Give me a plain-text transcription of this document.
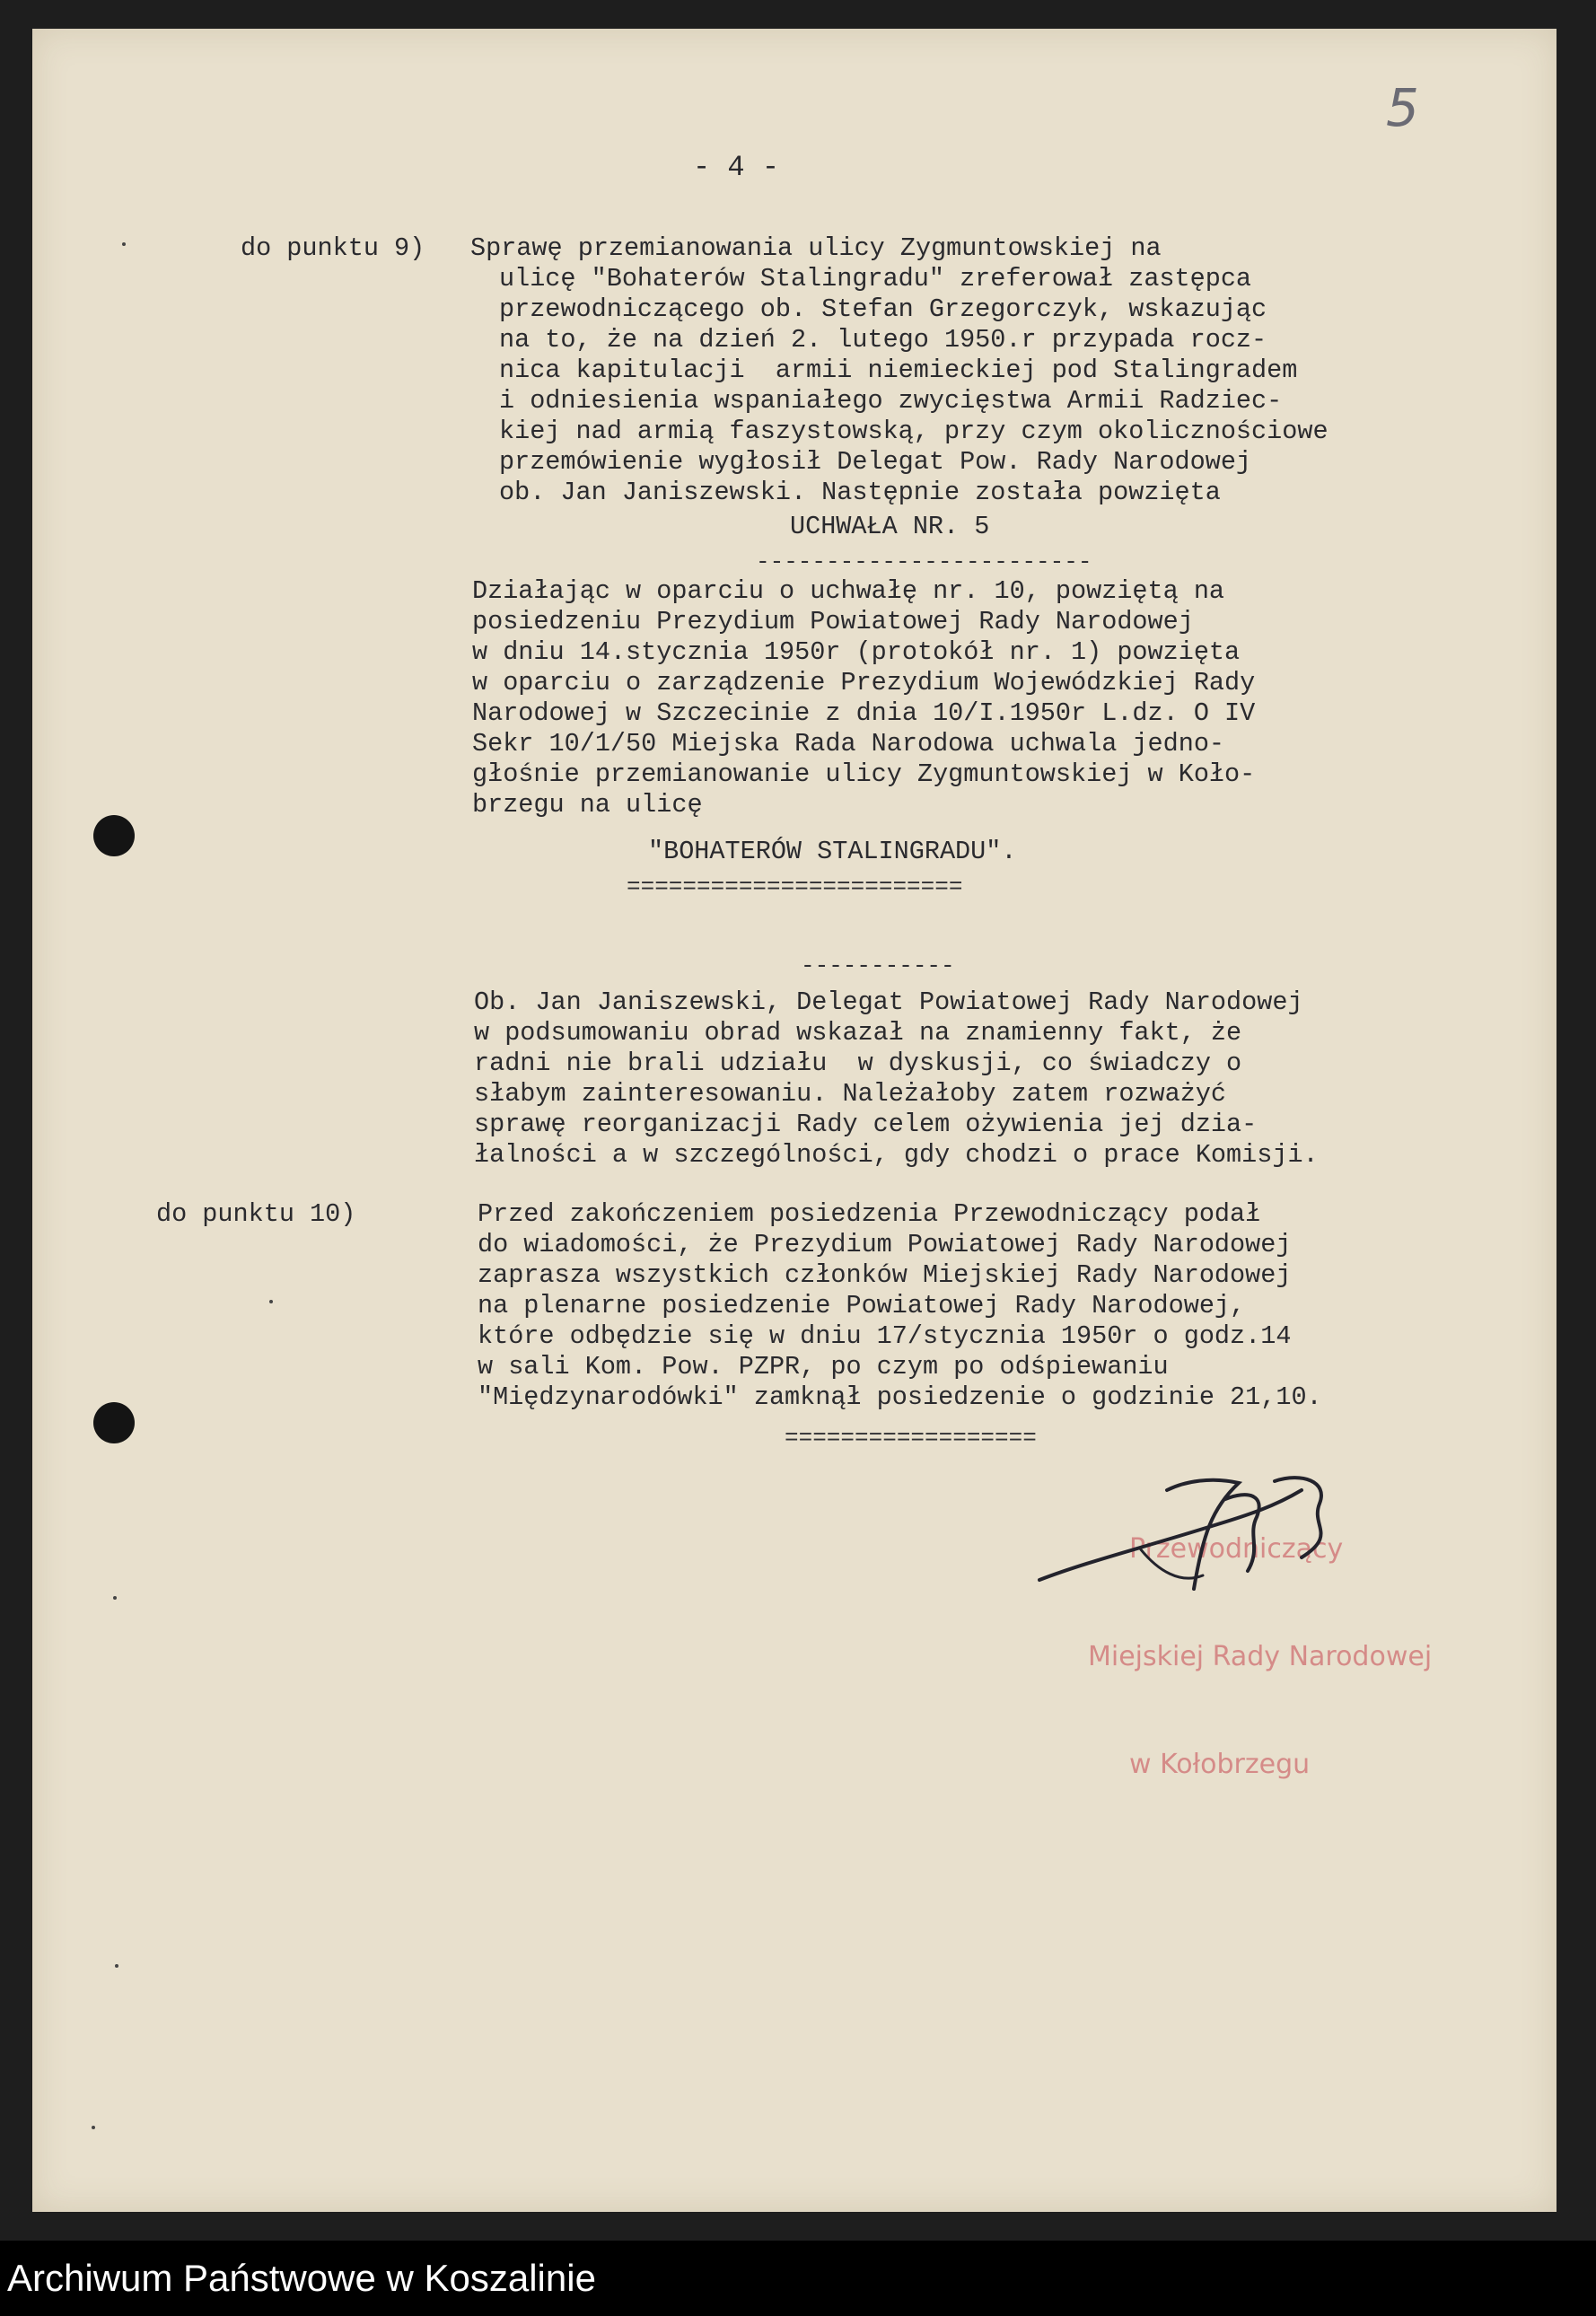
5

- 4 -

do punktu 9) Sprawę przemianowania ulicy Zygmuntowskiej na

ulicę "Bohaterów Stalingradu" zreferował zastępca

przewodniczącego ob. Stefan Grzegorczyk, wskazując

na to, że na dzień 2. lutego 1950.r przypada rocz-

nica kapitulacji  armii niemieckiej pod Stalingradem

i odniesienia wspaniałego zwycięstwa Armii Radziec-

kiej nad armią faszystowską, przy czym okolicznościowe

przemówienie wygłosił Delegat Pow. Rady Narodowej

ob. Jan Janiszewski. Następnie została powzięta

UCHWAŁA NR. 5

------------------------

Działając w oparciu o uchwałę nr. 10, powziętą na

posiedzeniu Prezydium Powiatowej Rady Narodowej

w dniu 14.stycznia 1950r (protokół nr. 1) powzięta

w oparciu o zarządzenie Prezydium Wojewódzkiej Rady

Narodowej w Szczecinie z dnia 10/I.1950r L.dz. O IV

Sekr 10/1/50 Miejska Rada Narodowa uchwala jedno-

głośnie przemianowanie ulicy Zygmuntowskiej w Koło-

brzegu na ulicę

"BOHATERÓW STALINGRADU".

========================

-----------

Ob. Jan Janiszewski, Delegat Powiatowej Rady Narodowej

w podsumowaniu obrad wskazał na znamienny fakt, że

radni nie brali udziału  w dyskusji, co świadczy o

słabym zainteresowaniu. Należałoby zatem rozważyć

sprawę reorganizacji Rady celem ożywienia jej dzia-

łalności a w szczególności, gdy chodzi o prace Komisji.

do punktu 10)	Przed zakończeniem posiedzenia Przewodniczący podał

do wiadomości, że Prezydium Powiatowej Rady Narodowej

zaprasza wszystkich członków Miejskiej Rady Narodowej

na plenarne posiedzenie Powiatowej Rady Narodowej,

które odbędzie się w dniu 17/stycznia 1950r o godz.14

w sali Kom. Pow. PZPR, po czym po odśpiewaniu

"Międzynarodówki" zamknął posiedzenie o godzinie 21,10.

==================

Przewodniczący

Miejskiej Rady Narodowej

w Kołobrzegu

Archiwum Państwowe w Koszalinie
